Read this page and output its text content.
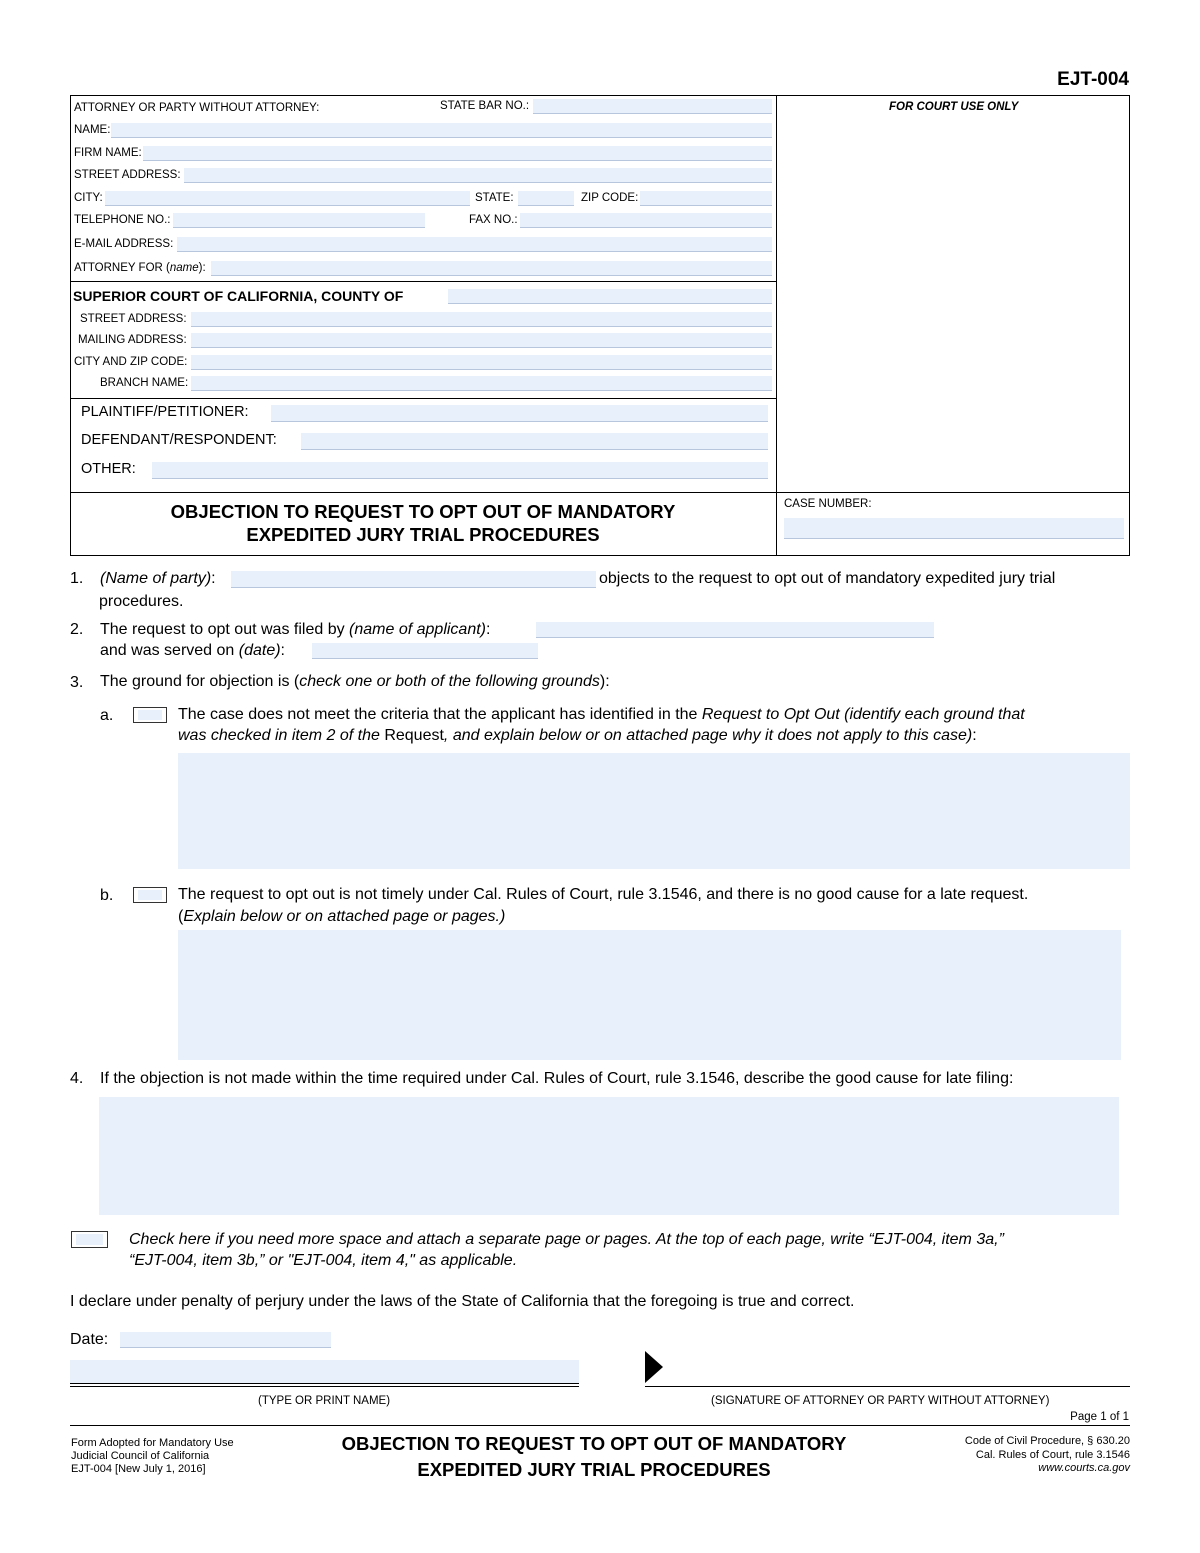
EJT-004
FOR COURT USE ONLY
ATTORNEY OR PARTY WITHOUT ATTORNEY:	STATE BAR NO.:
NAME:
FIRM NAME:
STREET ADDRESS:
CITY:	STATE:	ZIP CODE:
TELEPHONE NO.:	FAX NO.:
E-MAIL ADDRESS:
ATTORNEY FOR (name):
SUPERIOR COURT OF CALIFORNIA, COUNTY OF
STREET ADDRESS:
MAILING ADDRESS:
CITY AND ZIP CODE:
BRANCH NAME:
PLAINTIFF/PETITIONER:
DEFENDANT/RESPONDENT:
OTHER:
OBJECTION TO REQUEST TO OPT OUT OF MANDATORY
EXPEDITED JURY TRIAL PROCEDURES
CASE NUMBER:
1. (Name of party):	objects to the request to opt out of mandatory expedited jury trial
procedures.
2. The request to opt out was filed by (name of applicant):
and was served on (date):
3. The ground for objection is (check one or both of the following grounds):
a.	The case does not meet the criteria that the applicant has identified in the Request to Opt Out (identify each ground that
was checked in item 2 of the Request, and explain below or on attached page why it does not apply to this case):
b.	The request to opt out is not timely under Cal. Rules of Court, rule 3.1546, and there is no good cause for a late request.
(Explain below or on attached page or pages.)
4. If the objection is not made within the time required under Cal. Rules of Court, rule 3.1546, describe the good cause for late filing:
Check here if you need more space and attach a separate page or pages. At the top of each page, write “EJT-004, item 3a,”
“EJT-004, item 3b,” or "EJT-004, item 4," as applicable.
I declare under penalty of perjury under the laws of the State of California that the foregoing is true and correct.
Date:
(TYPE OR PRINT NAME)	(SIGNATURE OF ATTORNEY OR PARTY WITHOUT ATTORNEY)
Page 1 of 1
Form Adopted for Mandatory Use
Judicial Council of California
EJT-004 [New July 1, 2016]
OBJECTION TO REQUEST TO OPT OUT OF MANDATORY
EXPEDITED JURY TRIAL PROCEDURES
Code of Civil Procedure, § 630.20
Cal. Rules of Court, rule 3.1546
www.courts.ca.gov
